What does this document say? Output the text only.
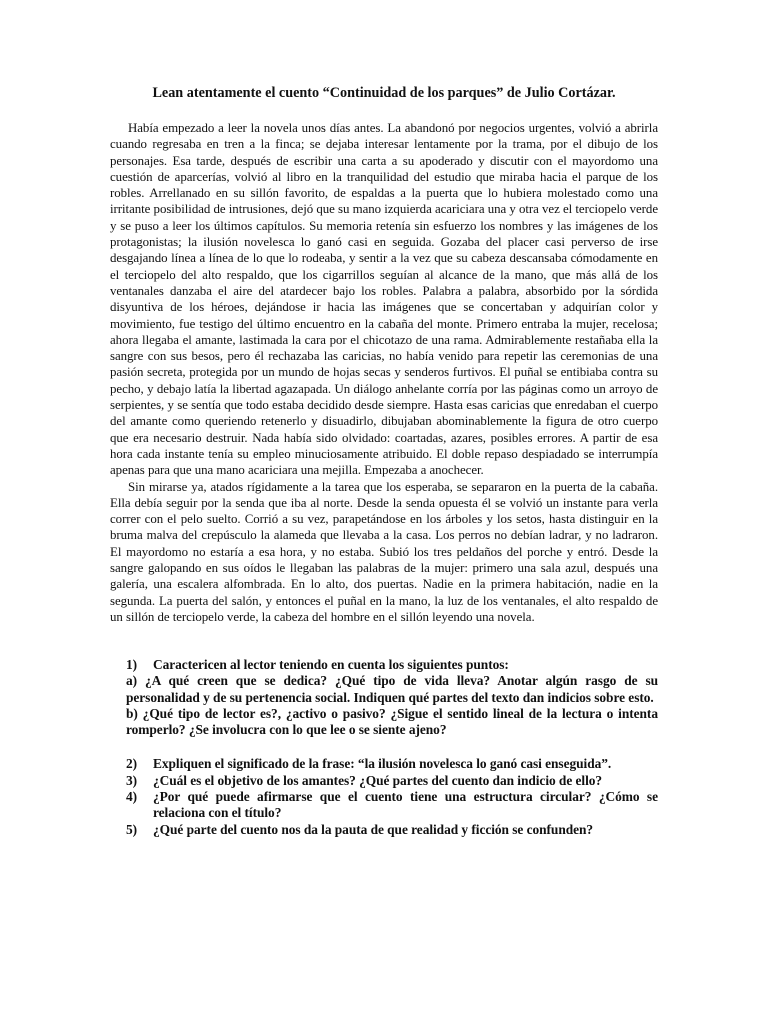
Lean atentamente el cuento “Continuidad de los parques” de Julio Cortázar.

Había empezado a leer la novela unos días antes. La abandonó por negocios urgentes, volvió a abrirla cuando regresaba en tren a la finca; se dejaba interesar lentamente por la trama, por el dibujo de los personajes. Esa tarde, después de escribir una carta a su apoderado y discutir con el mayordomo una cuestión de aparcerías, volvió al libro en la tranquilidad del estudio que miraba hacia el parque de los robles. Arrellanado en su sillón favorito, de espaldas a la puerta que lo hubiera molestado como una irritante posibilidad de intrusiones, dejó que su mano izquierda acariciara una y otra vez el terciopelo verde y se puso a leer los últimos capítulos. Su memoria retenía sin esfuerzo los nombres y las imágenes de los protagonistas; la ilusión novelesca lo ganó casi en seguida. Gozaba del placer casi perverso de irse desgajando línea a línea de lo que lo rodeaba, y sentir a la vez que su cabeza descansaba cómodamente en el terciopelo del alto respaldo, que los cigarrillos seguían al alcance de la mano, que más allá de los ventanales danzaba el aire del atardecer bajo los robles. Palabra a palabra, absorbido por la sórdida disyuntiva de los héroes, dejándose ir hacia las imágenes que se concertaban y adquirían color y movimiento, fue testigo del último encuentro en la cabaña del monte. Primero entraba la mujer, recelosa; ahora llegaba el amante, lastimada la cara por el chicotazo de una rama. Admirablemente restañaba ella la sangre con sus besos, pero él rechazaba las caricias, no había venido para repetir las ceremonias de una pasión secreta, protegida por un mundo de hojas secas y senderos furtivos. El puñal se entibiaba contra su pecho, y debajo latía la libertad agazapada. Un diálogo anhelante corría por las páginas como un arroyo de serpientes, y se sentía que todo estaba decidido desde siempre. Hasta esas caricias que enredaban el cuerpo del amante como queriendo retenerlo y disuadirlo, dibujaban abominablemente la figura de otro cuerpo que era necesario destruir. Nada había sido olvidado: coartadas, azares, posibles errores. A partir de esa hora cada instante tenía su empleo minuciosamente atribuido. El doble repaso despiadado se interrumpía apenas para que una mano acariciara una mejilla. Empezaba a anochecer.

Sin mirarse ya, atados rígidamente a la tarea que los esperaba, se separaron en la puerta de la cabaña. Ella debía seguir por la senda que iba al norte. Desde la senda opuesta él se volvió un instante para verla correr con el pelo suelto. Corrió a su vez, parapetándose en los árboles y los setos, hasta distinguir en la bruma malva del crepúsculo la alameda que llevaba a la casa. Los perros no debían ladrar, y no ladraron. El mayordomo no estaría a esa hora, y no estaba. Subió los tres peldaños del porche y entró. Desde la sangre galopando en sus oídos le llegaban las palabras de la mujer: primero una sala azul, después una galería, una escalera alfombrada. En lo alto, dos puertas. Nadie en la primera habitación, nadie en la segunda. La puerta del salón, y entonces el puñal en la mano, la luz de los ventanales, el alto respaldo de un sillón de terciopelo verde, la cabeza del hombre en el sillón leyendo una novela.

1) Caractericen al lector teniendo en cuenta los siguientes puntos:

a) ¿A qué creen que se dedica? ¿Qué tipo de vida lleva? Anotar algún rasgo de su personalidad y de su pertenencia social. Indiquen qué partes del texto dan indicios sobre esto.

b) ¿Qué tipo de lector es?, ¿activo o pasivo? ¿Sigue el sentido lineal de la lectura o intenta romperlo? ¿Se involucra con lo que lee o se siente ajeno?

2) Expliquen el significado de la frase: “la ilusión novelesca lo ganó casi enseguida”.
3) ¿Cuál es el objetivo de los amantes? ¿Qué partes del cuento dan indicio de ello?
4) ¿Por qué puede afirmarse que el cuento tiene una estructura circular? ¿Cómo se relaciona con el título?
5) ¿Qué parte del cuento nos da la pauta de que realidad y ficción se confunden?
